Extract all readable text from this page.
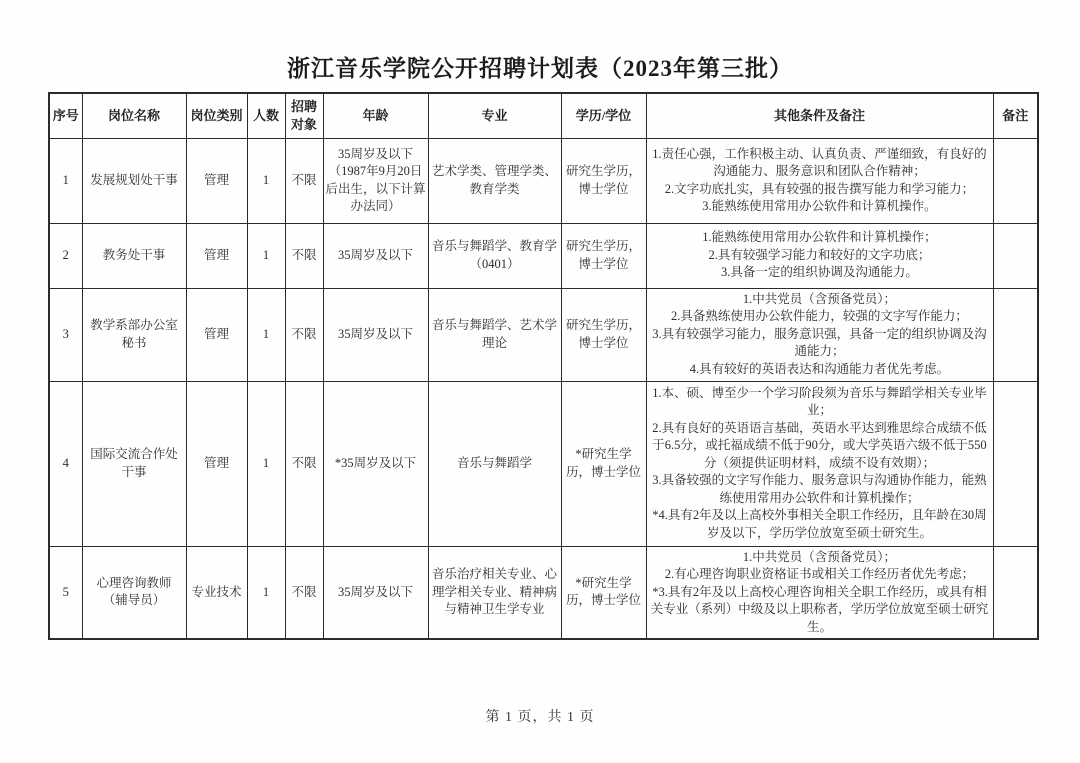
浙江音乐学院公开招聘计划表（2023年第三批）
序号	岗位名称	岗位类别	人数	招聘对象	年龄	专业	学历/学位	其他条件及备注	备注
1	发展规划处干事	管理	1	不限	35周岁及以下（1987年9月20日后出生，以下计算办法同）	艺术学类、管理学类、教育学类	研究生学历，博士学位	1.责任心强，工作积极主动、认真负责、严谨细致，有良好的沟通能力、服务意识和团队合作精神；
2.文字功底扎实，具有较强的报告撰写能力和学习能力；
3.能熟练使用常用办公软件和计算机操作。	

2	教务处干事	管理	1	不限	35周岁及以下	音乐与舞蹈学、教育学（0401）	研究生学历，博士学位	1.能熟练使用常用办公软件和计算机操作；
2.具有较强学习能力和较好的文字功底；
3.具备一定的组织协调及沟通能力。	

3	教学系部办公室秘书	管理	1	不限	35周岁及以下	音乐与舞蹈学、艺术学理论	研究生学历，博士学位	1.中共党员（含预备党员）；
2.具备熟练使用办公软件能力，较强的文字写作能力；
3.具有较强学习能力，服务意识强，具备一定的组织协调及沟通能力；
4.具有较好的英语表达和沟通能力者优先考虑。	

4	国际交流合作处干事	管理	1	不限	*35周岁及以下	音乐与舞蹈学	*研究生学历，博士学位	1.本、硕、博至少一个学习阶段须为音乐与舞蹈学相关专业毕业；
2.具有良好的英语语言基础，英语水平达到雅思综合成绩不低于6.5分，或托福成绩不低于90分，或大学英语六级不低于550分（须提供证明材料，成绩不设有效期）；
3.具备较强的文字写作能力、服务意识与沟通协作能力，能熟练使用常用办公软件和计算机操作；
*4.具有2年及以上高校外事相关全职工作经历，且年龄在30周岁及以下，学历学位放宽至硕士研究生。	

5	心理咨询教师（辅导员）	专业技术	1	不限	35周岁及以下	音乐治疗相关专业、心理学相关专业、精神病与精神卫生学专业	*研究生学历，博士学位	1.中共党员（含预备党员）；
2.有心理咨询职业资格证书或相关工作经历者优先考虑；
*3.具有2年及以上高校心理咨询相关全职工作经历，或具有相关专业（系列）中级及以上职称者，学历学位放宽至硕士研究生。	

第 1 页，共 1 页
